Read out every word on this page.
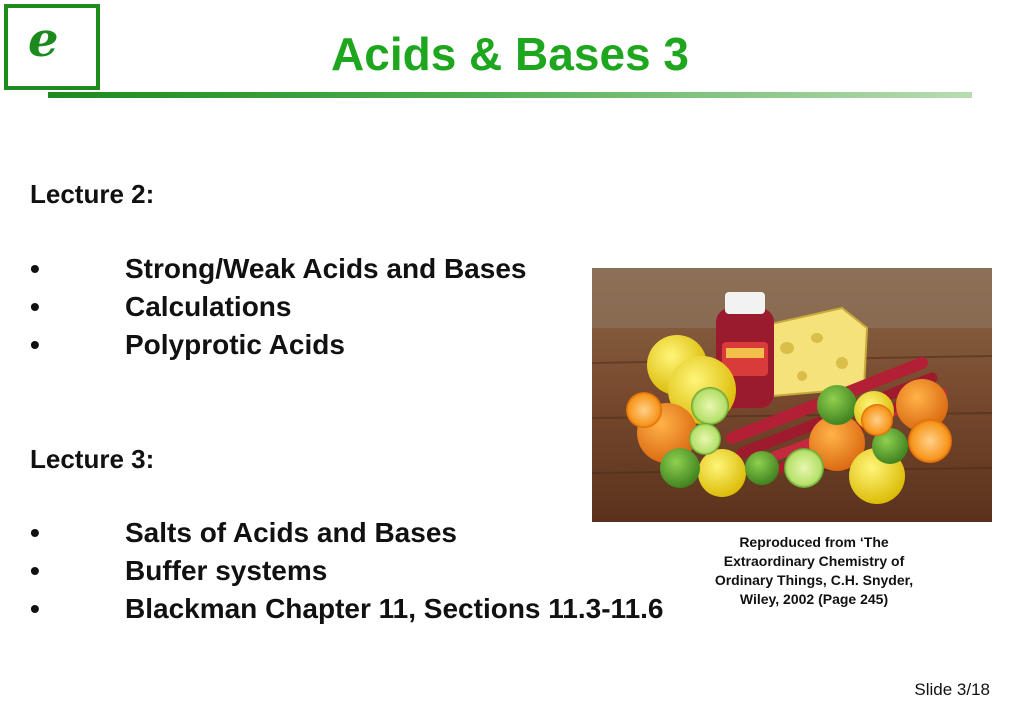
e	Acids & Bases 3
Lecture 2:
•	Strong/Weak Acids and Bases
•	Calculations
•	Polyprotic Acids
Lecture 3:
•	Salts of Acids and Bases
•	Buffer systems
•	Blackman Chapter 11, Sections 11.3-11.6
Reproduced from ‘The Extraordinary Chemistry of Ordinary Things, C.H. Snyder, Wiley, 2002 (Page 245)
Slide 3/18
